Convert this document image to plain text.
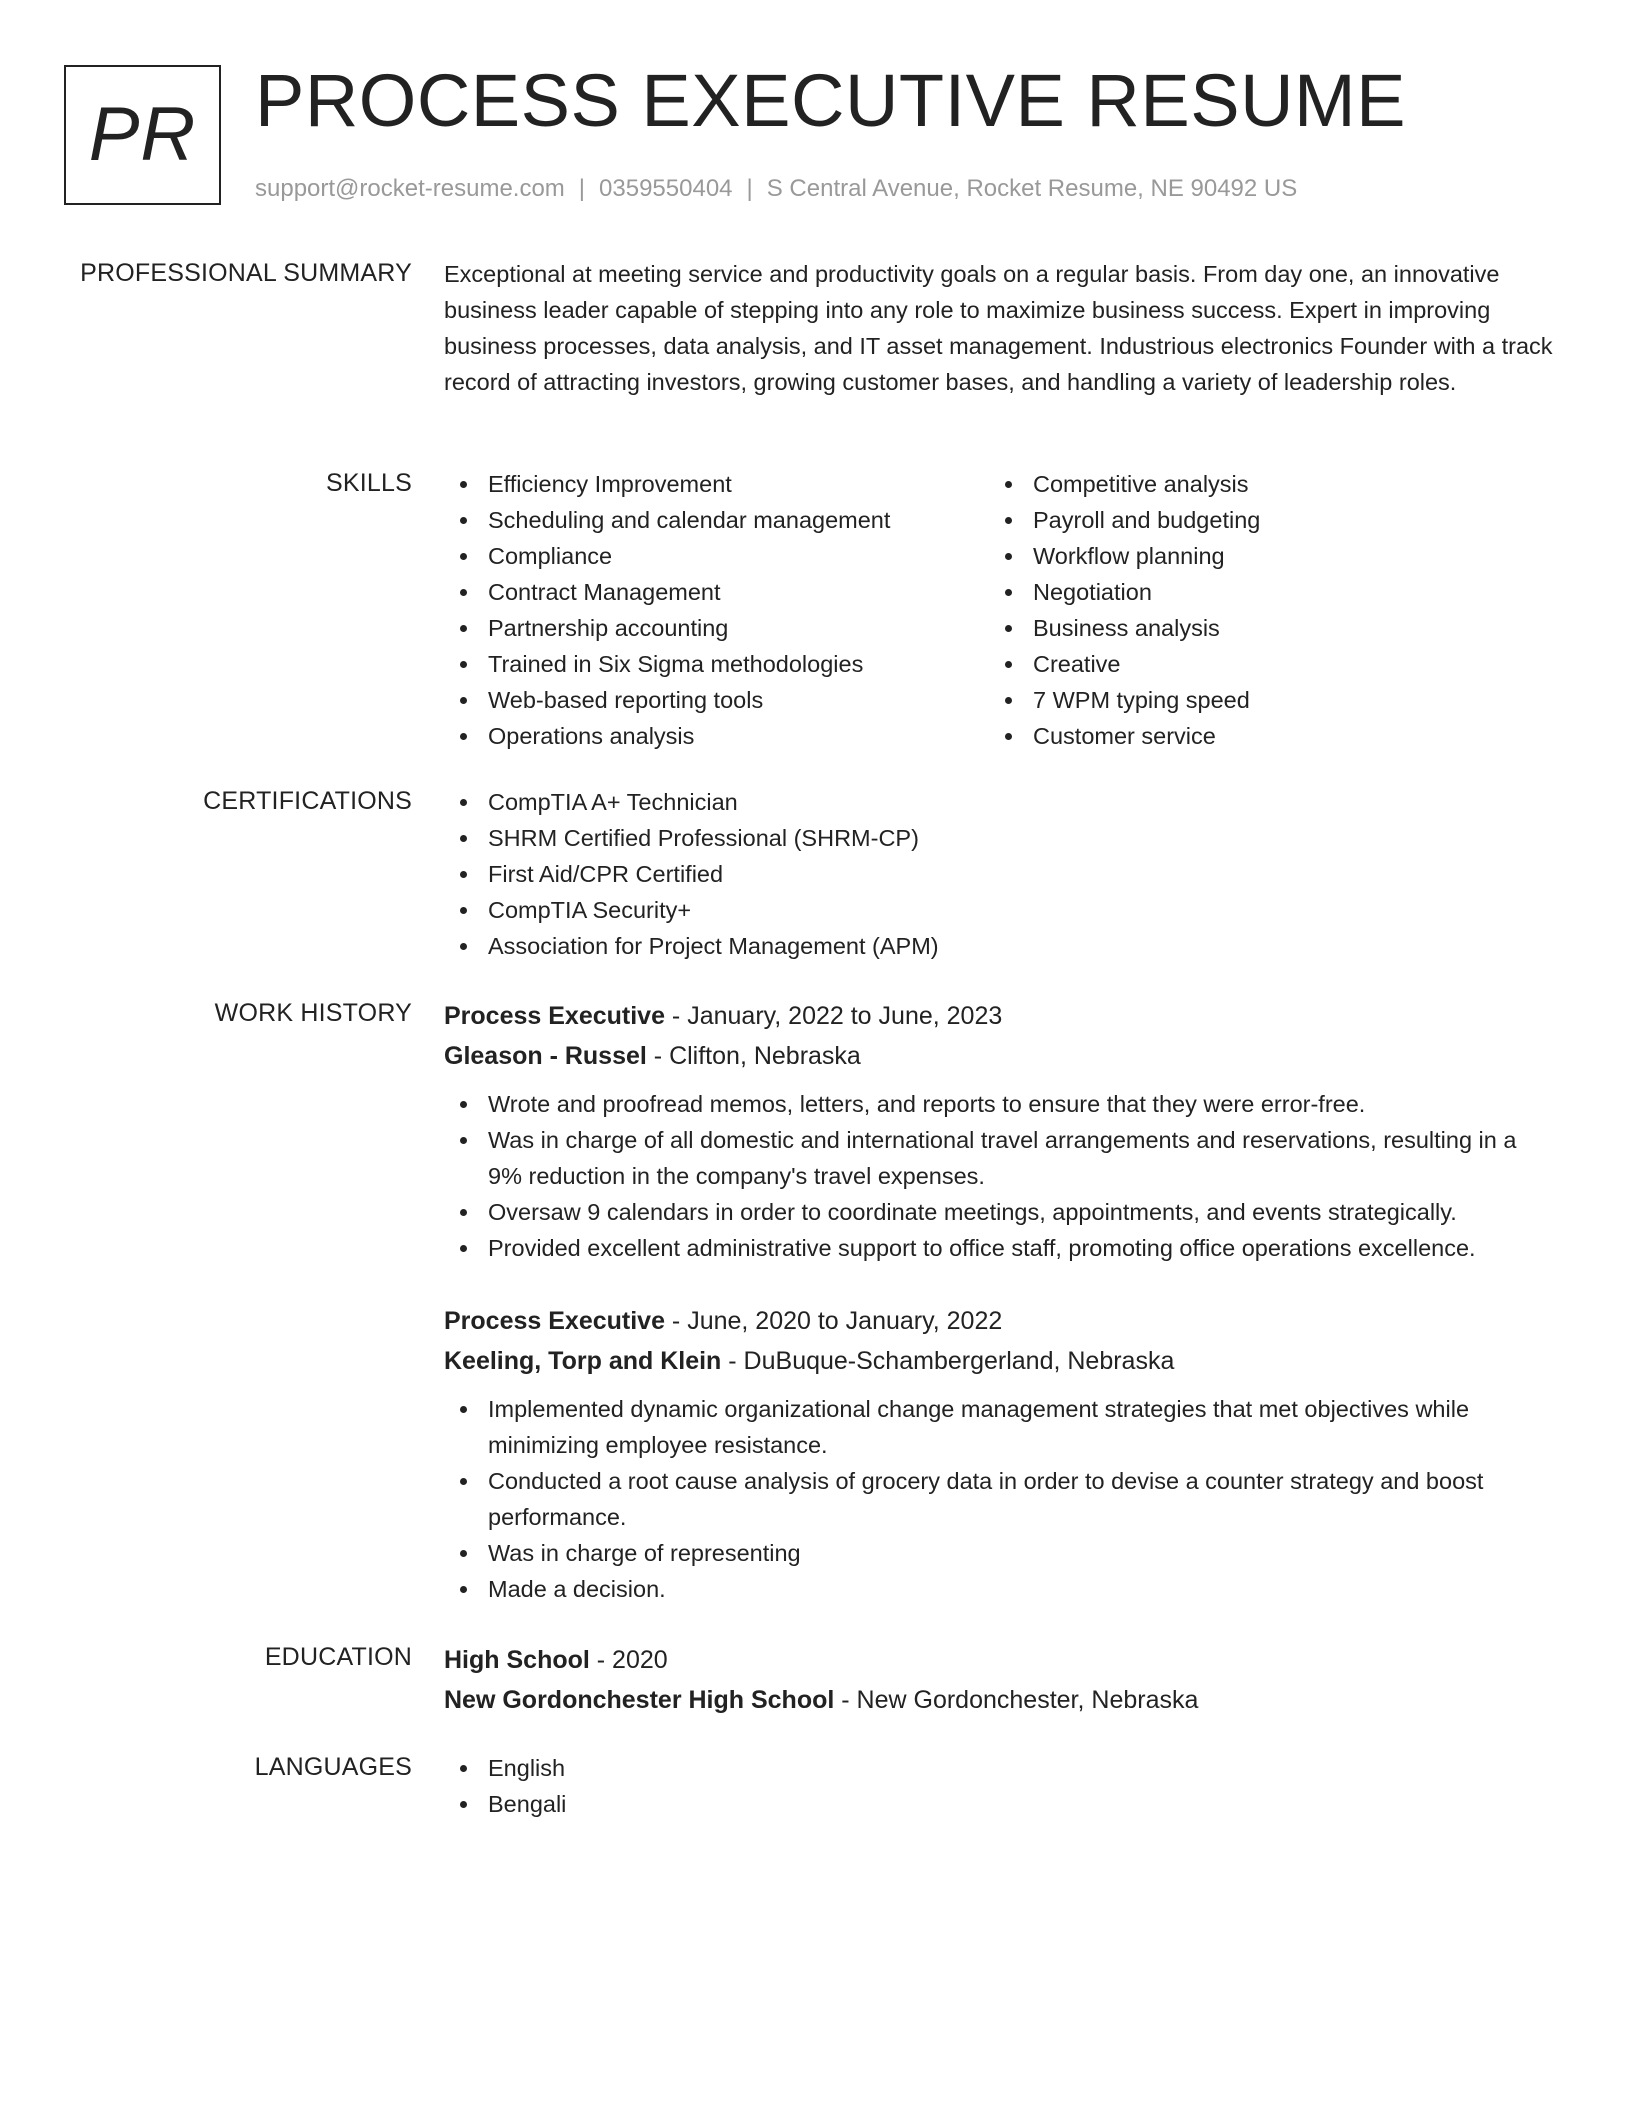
PR PROCESS EXECUTIVE RESUME
support@rocket-resume.com | 0359550404 | S Central Avenue, Rocket Resume, NE 90492 US
PROFESSIONAL SUMMARY Exceptional at meeting service and productivity goals on a regular basis. From day one, an innovative business leader capable of stepping into any role to maximize business success. Expert in improving business processes, data analysis, and IT asset management. Industrious electronics Founder with a track record of attracting investors, growing customer bases, and handling a variety of leadership roles.

SKILLS	Efficiency Improvement
Scheduling and calendar management
Compliance
Contract Management
Partnership accounting
Trained in Six Sigma methodologies
Web-based reporting tools
Operations analysis
Competitive analysis
Payroll and budgeting
Workflow planning
Negotiation
Business analysis
Creative
7 WPM typing speed
Customer service
CERTIFICATIONS	CompTIA A+ Technician
SHRM Certified Professional (SHRM-CP)
First Aid/CPR Certified
CompTIA Security+
Association for Project Management (APM)
WORK HISTORY Process Executive - January, 2022 to June, 2023
Gleason - Russel - Clifton, Nebraska
Wrote and proofread memos, letters, and reports to ensure that they were error-free.
Was in charge of all domestic and international travel arrangements and reservations, resulting in a 9% reduction in the company's travel expenses.
Oversaw 9 calendars in order to coordinate meetings, appointments, and events strategically.
Provided excellent administrative support to office staff, promoting office operations excellence.
Process Executive - June, 2020 to January, 2022
Keeling, Torp and Klein - DuBuque-Schambergerland, Nebraska
Implemented dynamic organizational change management strategies that met objectives while minimizing employee resistance.
Conducted a root cause analysis of grocery data in order to devise a counter strategy and boost performance.
Was in charge of representing
Made a decision.
EDUCATION High School - 2020
New Gordonchester High School - New Gordonchester, Nebraska
LANGUAGES	English
Bengali
